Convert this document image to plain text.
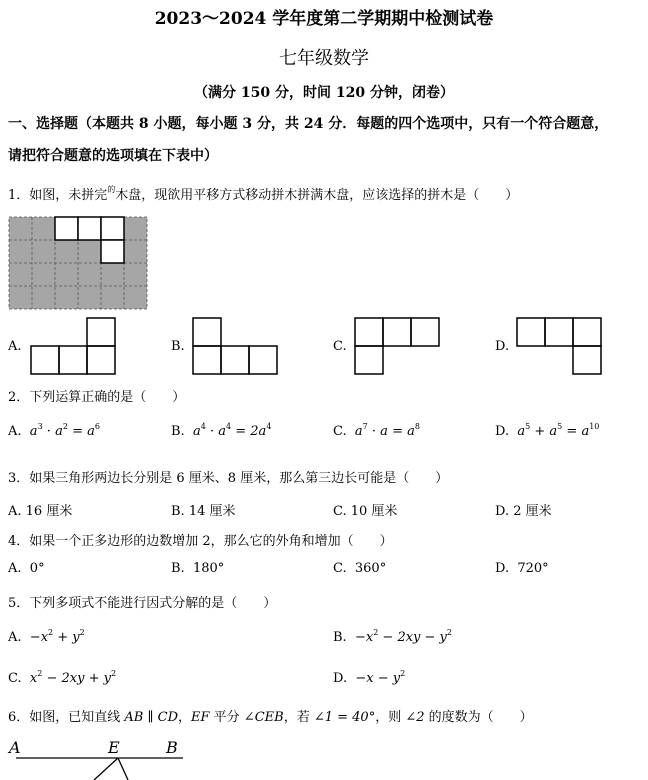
2023～2024 学年度第二学期期中检测试卷
七年级数学
（满分 150 分，时间 120 分钟，闭卷）
一、选择题（本题共 8 小题，每小题 3 分，共 24 分．每题的四个选项中，只有一个符合题意，
请把符合题意的选项填在下表中）
1．如图，未拼完$^的$木盘，现欲用平移方式移动拼木拼满木盘，应该选择的拼木是（　　）
A.	B.	C.	D.
2．下列运算正确的是（　　）
A. $a^3 \cdot a^2 = a^6$	B. $a^4 \cdot a^4 = 2a^4$	C. $a^7 \cdot a = a^8$	D. $a^5 + a^5 = a^{10}$
3．如果三角形两边长分别是 6 厘米、8 厘米，那么第三边长可能是（　　）
A. 16 厘米	B. 14 厘米	C. 10 厘米	D. 2 厘米
4．如果一个正多边形的边数增加 2，那么它的外角和增加（　　）
A. 0°	B. 180°	C. 360°	D. 720°
5．下列多项式不能进行因式分解的是（　　）
A. $-x^2 + y^2$	B. $-x^2 - 2xy - y^2$
C. $x^2 - 2xy + y^2$	D. $-x - y^2$
6．如图，已知直线 AB ∥ CD，EF 平分 ∠CEB，若 ∠1 = 40°，则 ∠2 的度数为（　　）
A	E	B
